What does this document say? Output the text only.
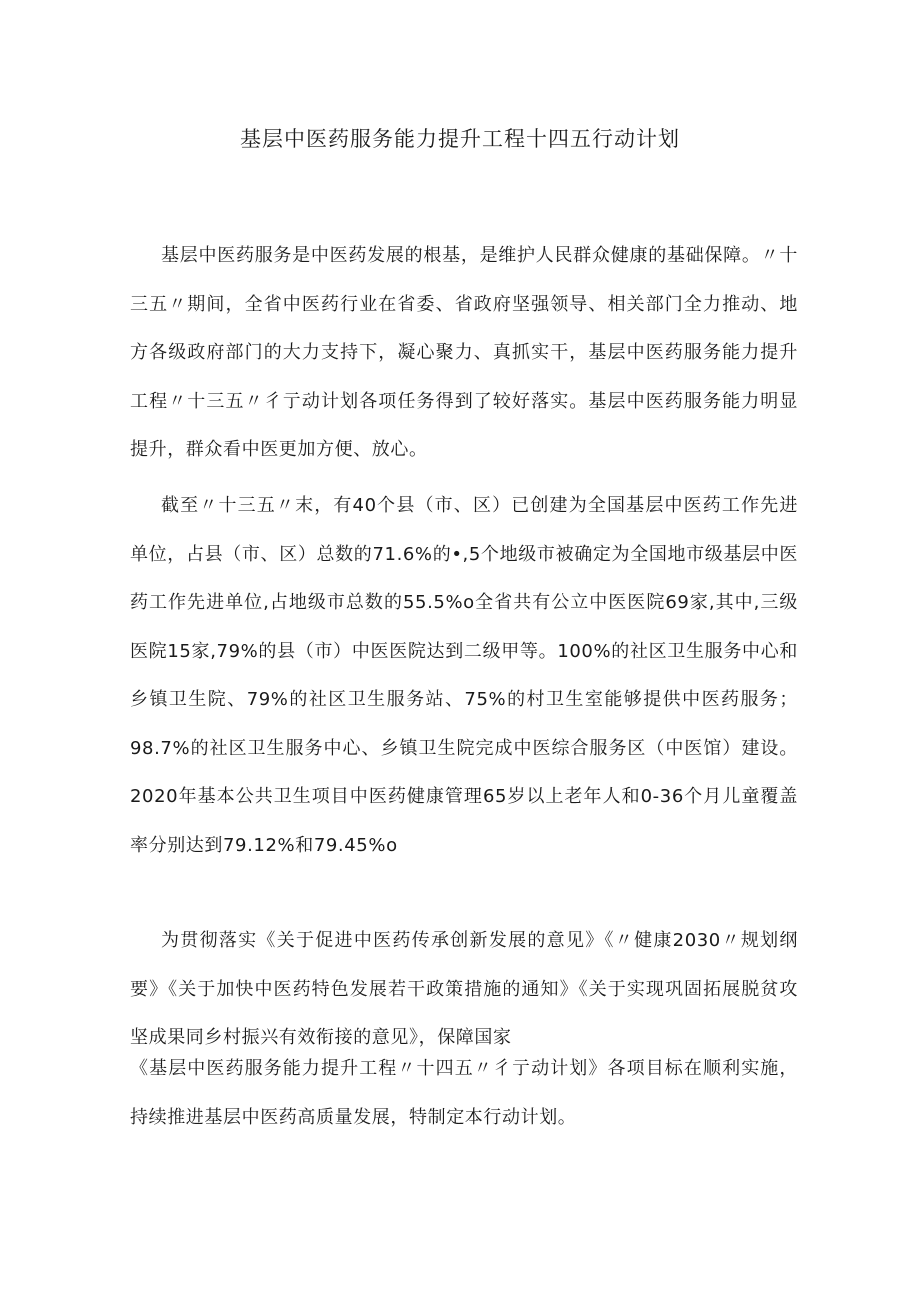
基层中医药服务能力提升工程十四五行动计划

基层中医药服务是中医药发展的根基，是维护人民群众健康的基础保障。〃十三五〃期间，全省中医药行业在省委、省政府坚强领导、相关部门全力推动、地方各级政府部门的大力支持下，凝心聚力、真抓实干，基层中医药服务能力提升工程〃十三五〃彳亍动计划各项任务得到了较好落实。基层中医药服务能力明显提升，群众看中医更加方便、放心。

截至〃十三五〃末，有40个县（市、区）已创建为全国基层中医药工作先进单位，占县（市、区）总数的71.6%的•,5个地级市被确定为全国地市级基层中医药工作先进单位,占地级市总数的55.5%o全省共有公立中医医院69家,其中,三级医院15家,79%的县（市）中医医院达到二级甲等。100%的社区卫生服务中心和乡镇卫生院、79%的社区卫生服务站、75%的村卫生室能够提供中医药服务；98.7%的社区卫生服务中心、乡镇卫生院完成中医综合服务区（中医馆）建设。2020年基本公共卫生项目中医药健康管理65岁以上老年人和0-36个月儿童覆盖率分别达到79.12%和79.45%o

为贯彻落实《关于促进中医药传承创新发展的意见》《〃健康2030〃规划纲要》《关于加快中医药特色发展若干政策措施的通知》《关于实现巩固拓展脱贫攻坚成果同乡村振兴有效衔接的意见》，保障国家

《基层中医药服务能力提升工程〃十四五〃彳亍动计划》各项目标在顺利实施，持续推进基层中医药高质量发展，特制定本行动计划。
